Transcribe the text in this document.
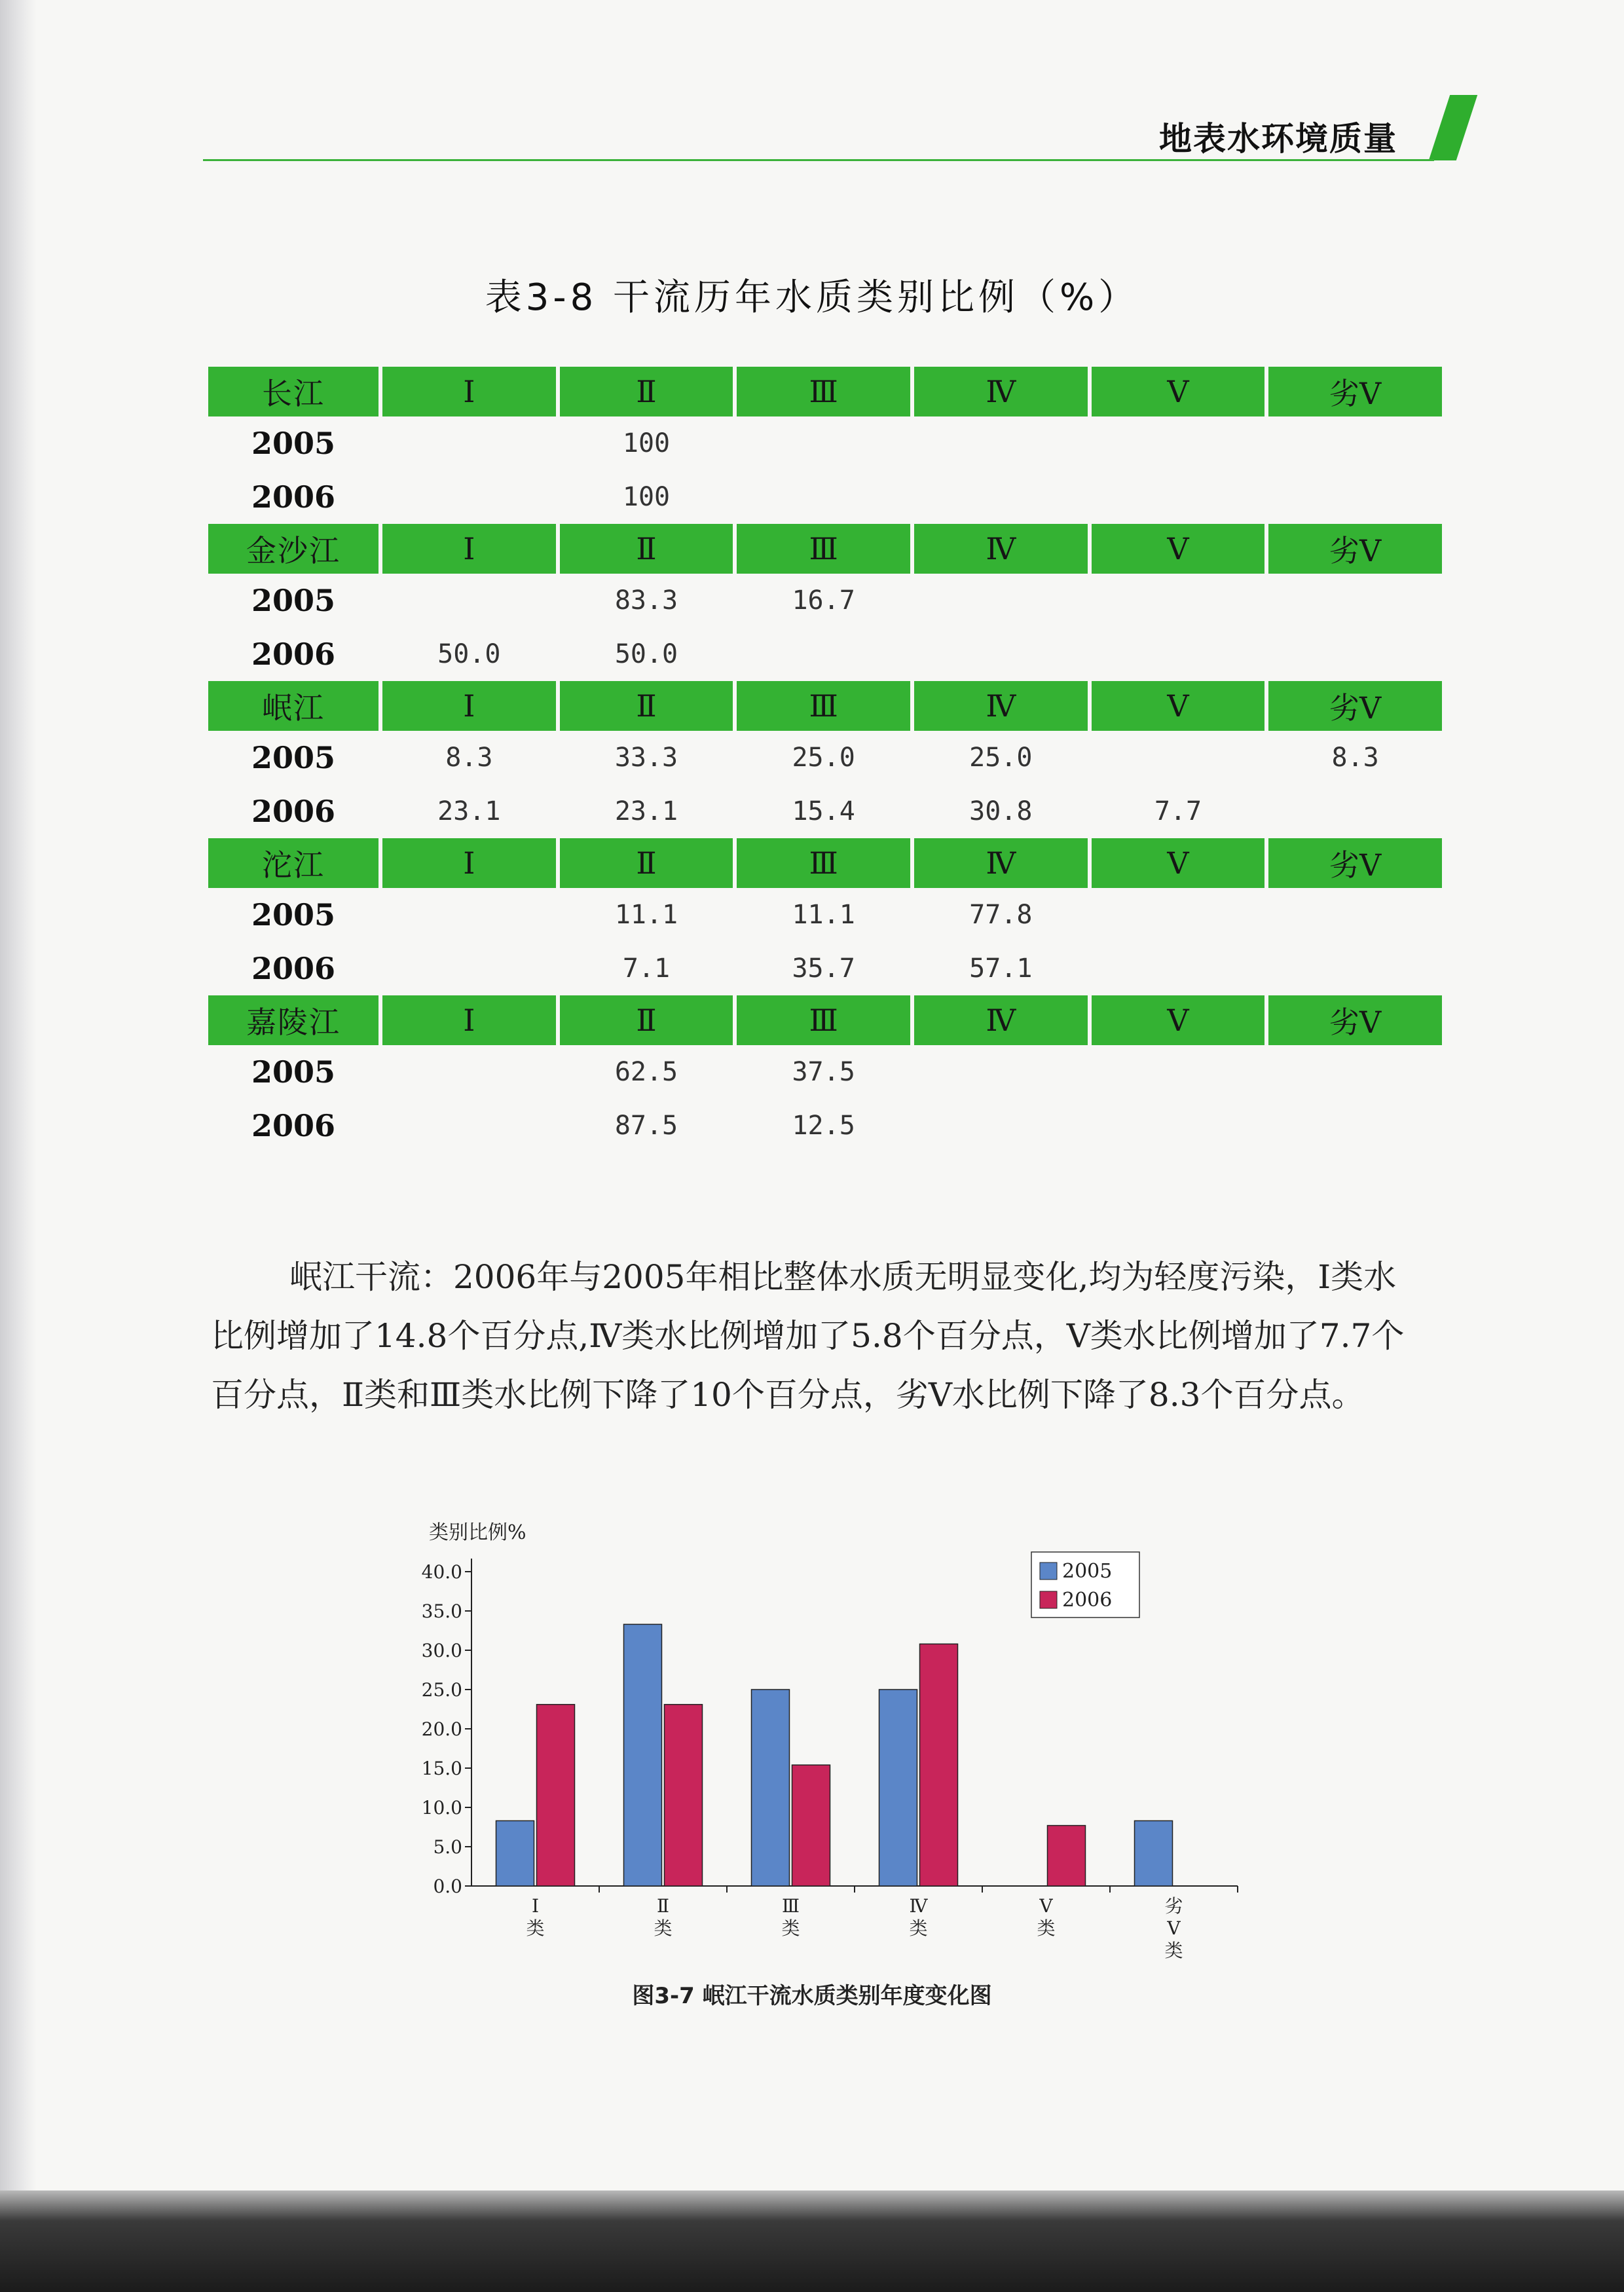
地表水环境质量
表3-8 干流历年水质类别比例（%）
长江	Ⅰ	Ⅱ	Ⅲ	Ⅳ	Ⅴ	劣Ⅴ
2005		100				
2006		100				
金沙江	Ⅰ	Ⅱ	Ⅲ	Ⅳ	Ⅴ	劣Ⅴ
2005		83.3	16.7			
2006	50.0	50.0				
岷江	Ⅰ	Ⅱ	Ⅲ	Ⅳ	Ⅴ	劣Ⅴ
2005	8.3	33.3	25.0	25.0		8.3
2006	23.1	23.1	15.4	30.8	7.7	
沱江	Ⅰ	Ⅱ	Ⅲ	Ⅳ	Ⅴ	劣Ⅴ
2005		11.1	11.1	77.8		
2006		7.1	35.7	57.1		
嘉陵江	Ⅰ	Ⅱ	Ⅲ	Ⅳ	Ⅴ	劣Ⅴ
2005		62.5	37.5			
2006		87.5	12.5			

岷江干流：2006年与2005年相比整体水质无明显变化,均为轻度污染，Ⅰ类水

比例增加了14.8个百分点,Ⅳ类水比例增加了5.8个百分点，Ⅴ类水比例增加了7.7个

百分点，Ⅱ类和Ⅲ类水比例下降了10个百分点，劣Ⅴ水比例下降了8.3个百分点。

类别比例%
0.0
5.0
10.0
15.0
20.0
25.0
30.0
35.0
40.0
Ⅰ
类
Ⅱ
类
Ⅲ
类
Ⅳ
类
Ⅴ
类
劣
Ⅴ
类
2005
2006
图3-7 岷江干流水质类别年度变化图
